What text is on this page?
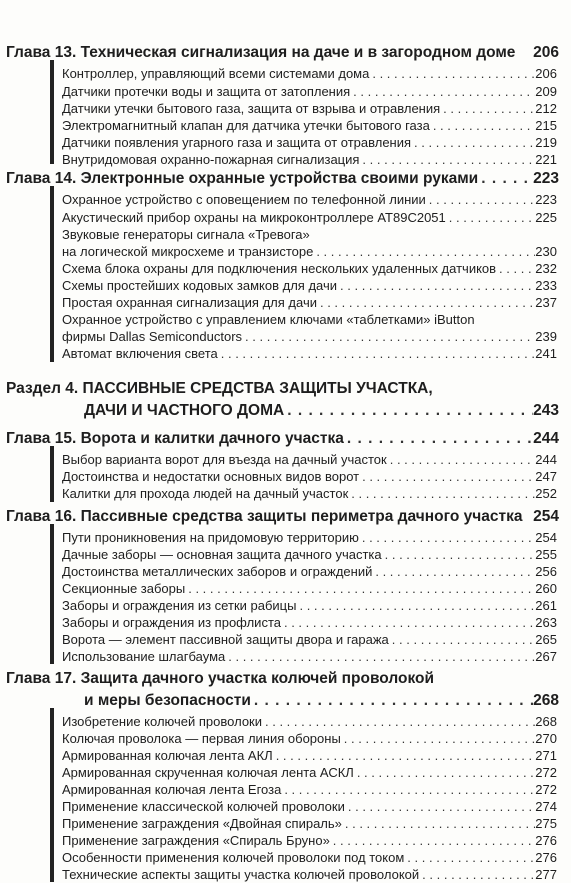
Глава 13. Техническая сигнализация на даче и в загородном доме 206
Контроллер, управляющий всеми системами дома . . .	206
Датчики протечки воды и защита от затопления . . .	209
Датчики утечки бытового газа, защита от взрыва и отравления . . .	212
Электромагнитный клапан для датчика утечки бытового газа . . .	215
Датчики появления угарного газа и защита от отравления . . .	219
Внутридомовая охранно-пожарная сигнализация . . .	221
Глава 14. Электронные охранные устройства своими руками . . .	223
Охранное устройство с оповещением по телефонной линии . . .	223
Акустический прибор охраны на микроконтроллере AT89C2051 . . .	225
Звуковые генераторы сигнала «Тревога»
на логической микросхеме и транзисторе . . .	230
Схема блока охраны для подключения нескольких удаленных датчиков . . .	232
Схемы простейших кодовых замков для дачи . . .	233
Простая охранная сигнализация для дачи . . .	237
Охранное устройство с управлением ключами «таблетками» iButton
фирмы Dallas Semiconductors . . .	239
Автомат включения света . . .	241
Раздел 4. ПАССИВНЫЕ СРЕДСТВА ЗАЩИТЫ УЧАСТКА,
ДАЧИ И ЧАСТНОГО ДОМА . . .	243
Глава 15. Ворота и калитки дачного участка . . .	244
Выбор варианта ворот для въезда на дачный участок . . .	244
Достоинства и недостатки основных видов ворот . . .	247
Калитки для прохода людей на дачный участок . . .	252
Глава 16. Пассивные средства защиты периметра дачного участка 254
Пути проникновения на придомовую территорию . . .	254
Дачные заборы — основная защита дачного участка . . .	255
Достоинства металлических заборов и ограждений . . .	256
Секционные заборы . . .	260
Заборы и ограждения из сетки рабицы . . .	261
Заборы и ограждения из профлиста . . .	263
Ворота — элемент пассивной защиты двора и гаража . . .	265
Использование шлагбаума . . .	267
Глава 17. Защита дачного участка колючей проволокой
и меры безопасности . . .	268
Изобретение колючей проволоки . . .	268
Колючая проволока — первая линия обороны . . .	270
Армированная колючая лента АКЛ . . .	271
Армированная скрученная колючая лента АСКЛ . . .	272
Армированная колючая лента Егоза . . .	272
Применение классической колючей проволоки . . .	274
Применение заграждения «Двойная спираль» . . .	275
Применение заграждения «Спираль Бруно» . . .	276
Особенности применения колючей проволоки под током . . .	276
Технические аспекты защиты участка колючей проволокой . . .	277
